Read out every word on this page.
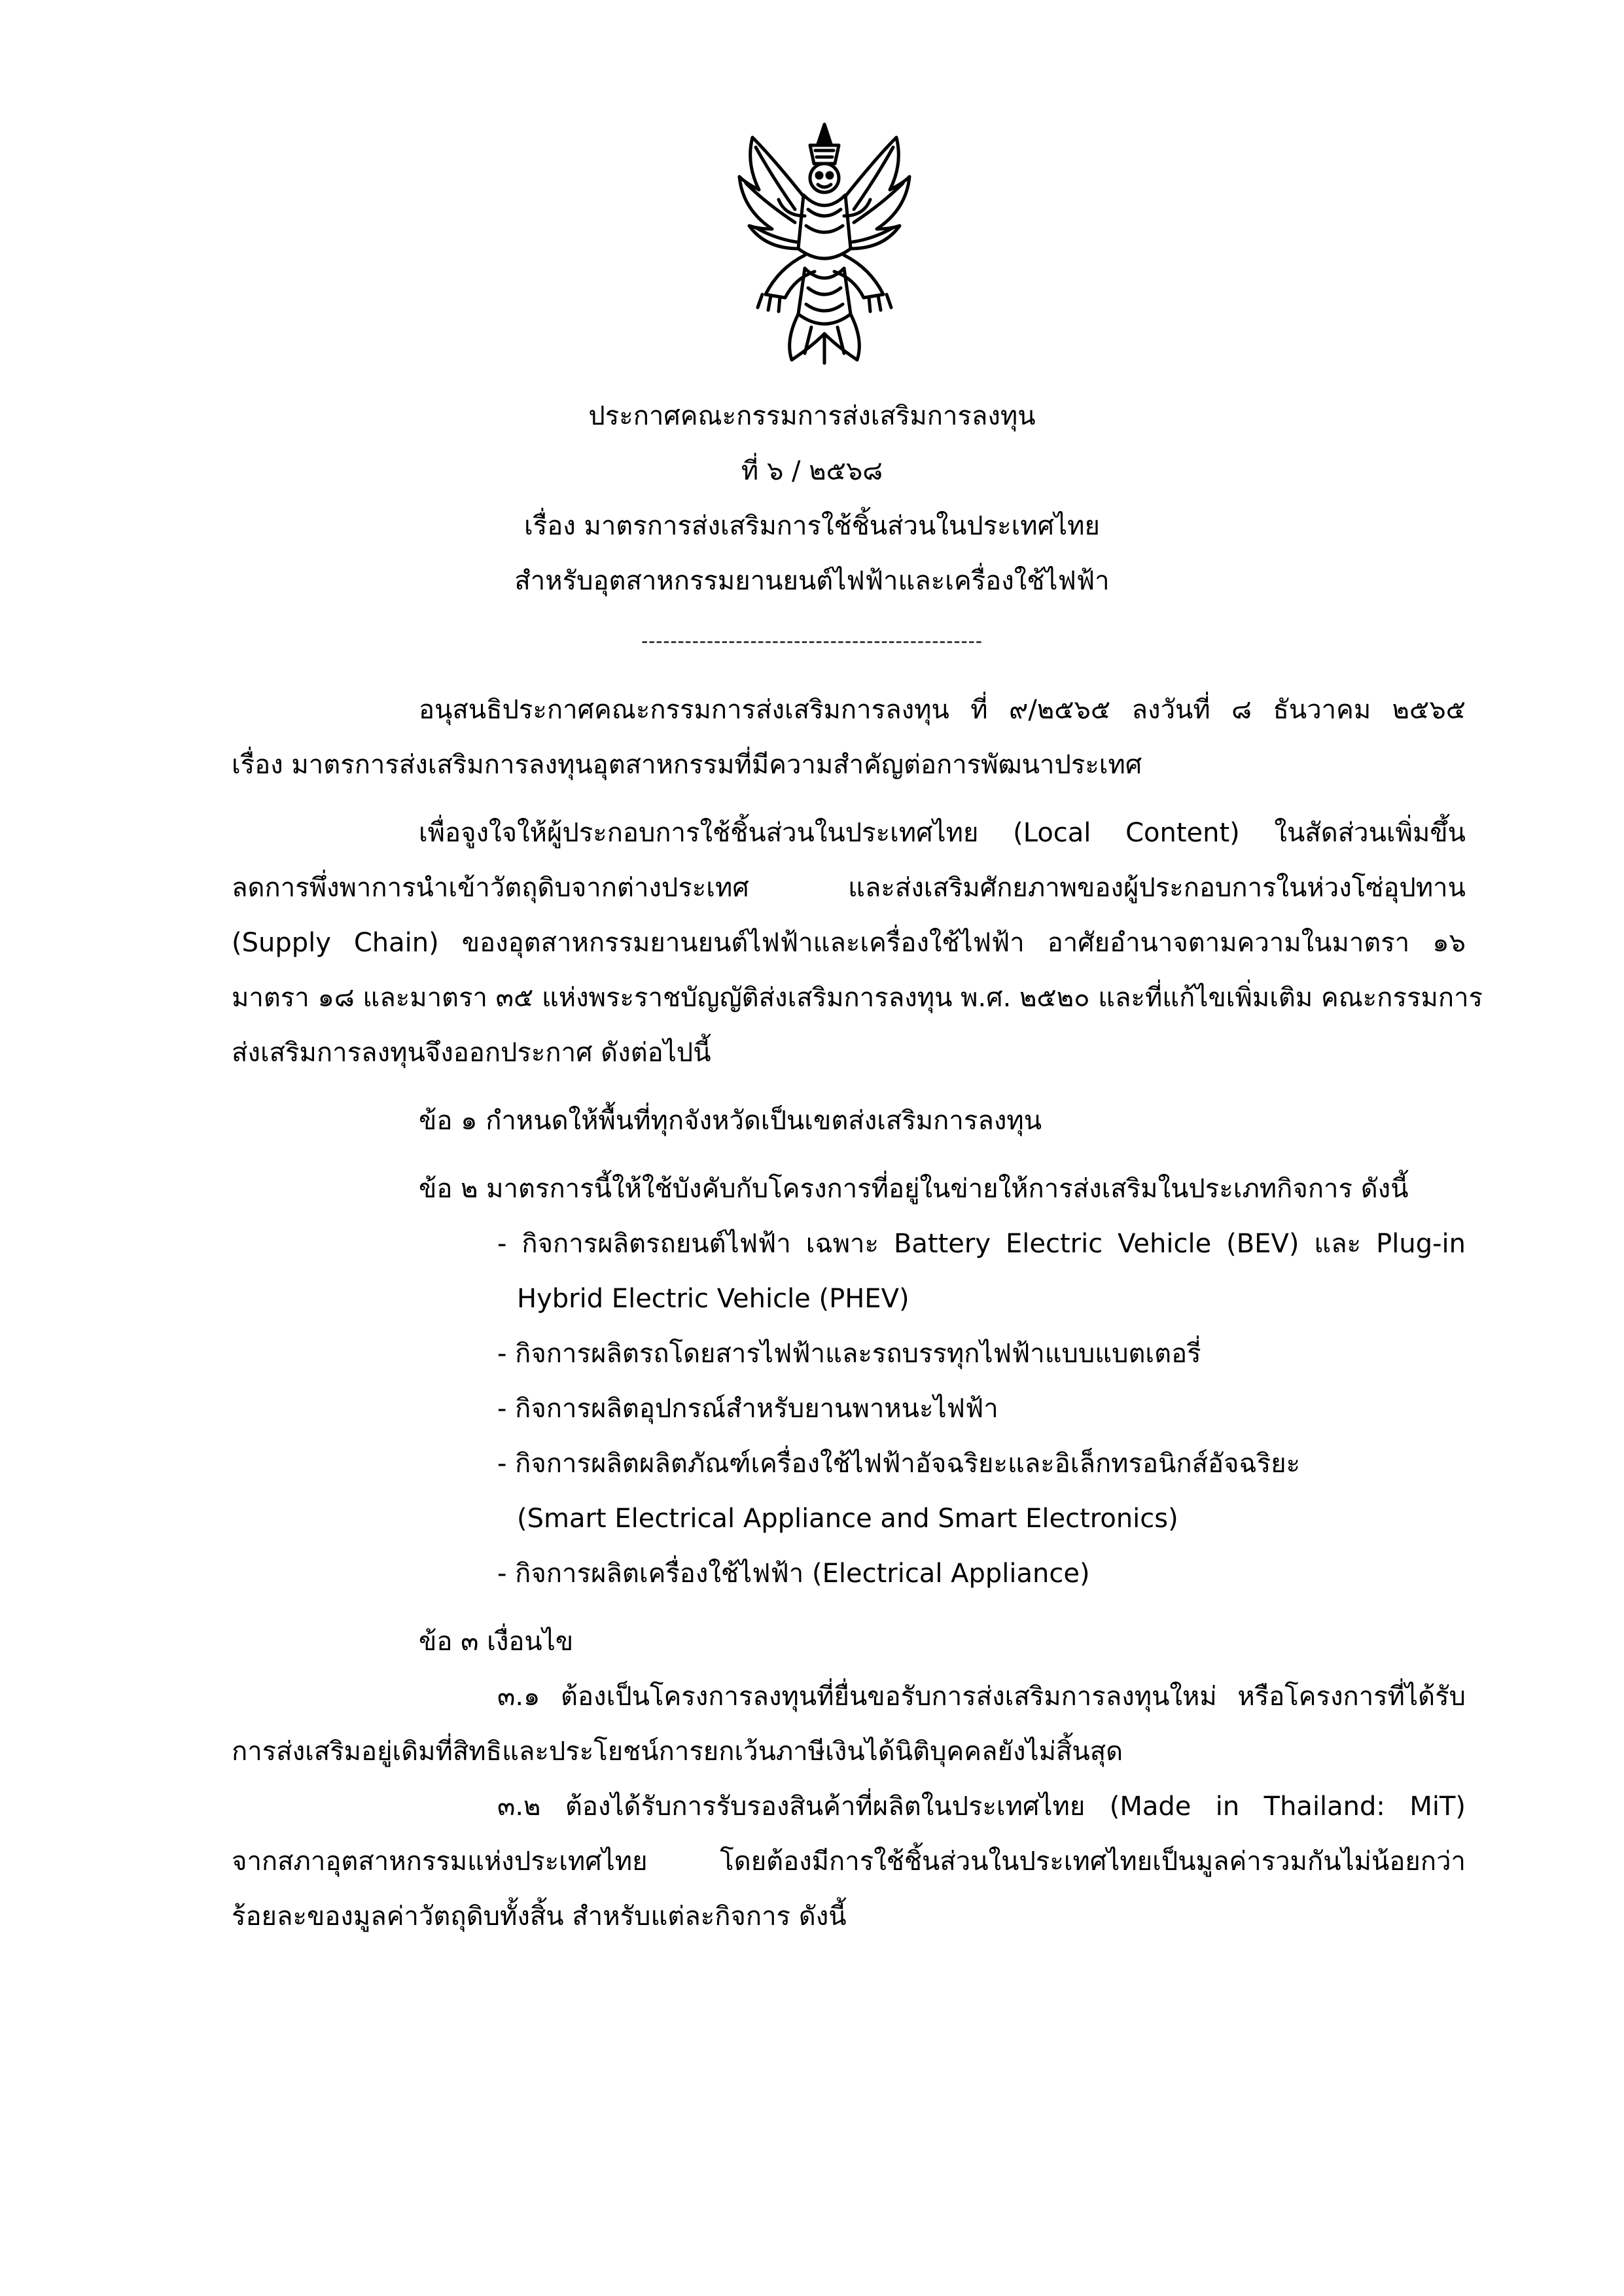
ประกาศคณะกรรมการส่งเสริมการลงทุน
ที่ ๖ / ๒๕๖๘
เรื่อง มาตรการส่งเสริมการใช้ชิ้นส่วนในประเทศไทย
สำหรับอุตสาหกรรมยานยนต์ไฟฟ้าและเครื่องใช้ไฟฟ้า
-----------------------------------------------
อนุสนธิประกาศคณะกรรมการส่งเสริมการลงทุน ที่ ๙/๒๕๖๕ ลงวันที่ ๘ ธันวาคม ๒๕๖๕
เรื่อง มาตรการส่งเสริมการลงทุนอุตสาหกรรมที่มีความสำคัญต่อการพัฒนาประเทศ
เพื่อจูงใจให้ผู้ประกอบการใช้ชิ้นส่วนในประเทศไทย (Local Content) ในสัดส่วนเพิ่มขึ้น
ลดการพึ่งพาการนำเข้าวัตถุดิบจากต่างประเทศ และส่งเสริมศักยภาพของผู้ประกอบการในห่วงโซ่อุปทาน
(Supply Chain) ของอุตสาหกรรมยานยนต์ไฟฟ้าและเครื่องใช้ไฟฟ้า อาศัยอำนาจตามความในมาตรา ๑๖
มาตรา ๑๘ และมาตรา ๓๕ แห่งพระราชบัญญัติส่งเสริมการลงทุน พ.ศ. ๒๕๒๐ และที่แก้ไขเพิ่มเติม คณะกรรมการ
ส่งเสริมการลงทุนจึงออกประกาศ ดังต่อไปนี้
ข้อ ๑ กำหนดให้พื้นที่ทุกจังหวัดเป็นเขตส่งเสริมการลงทุน
ข้อ ๒ มาตรการนี้ให้ใช้บังคับกับโครงการที่อยู่ในข่ายให้การส่งเสริมในประเภทกิจการ ดังนี้
- กิจการผลิตรถยนต์ไฟฟ้า เฉพาะ Battery Electric Vehicle (BEV) และ Plug-in
Hybrid Electric Vehicle (PHEV)
- กิจการผลิตรถโดยสารไฟฟ้าและรถบรรทุกไฟฟ้าแบบแบตเตอรี่
- กิจการผลิตอุปกรณ์สำหรับยานพาหนะไฟฟ้า
- กิจการผลิตผลิตภัณฑ์เครื่องใช้ไฟฟ้าอัจฉริยะและอิเล็กทรอนิกส์อัจฉริยะ
(Smart Electrical Appliance and Smart Electronics)
- กิจการผลิตเครื่องใช้ไฟฟ้า (Electrical Appliance)
ข้อ ๓ เงื่อนไข
๓.๑ ต้องเป็นโครงการลงทุนที่ยื่นขอรับการส่งเสริมการลงทุนใหม่ หรือโครงการที่ได้รับ
การส่งเสริมอยู่เดิมที่สิทธิและประโยชน์การยกเว้นภาษีเงินได้นิติบุคคลยังไม่สิ้นสุด
๓.๒ ต้องได้รับการรับรองสินค้าที่ผลิตในประเทศไทย (Made in Thailand: MiT)
จากสภาอุตสาหกรรมแห่งประเทศไทย โดยต้องมีการใช้ชิ้นส่วนในประเทศไทยเป็นมูลค่ารวมกันไม่น้อยกว่า
ร้อยละของมูลค่าวัตถุดิบทั้งสิ้น สำหรับแต่ละกิจการ ดังนี้
